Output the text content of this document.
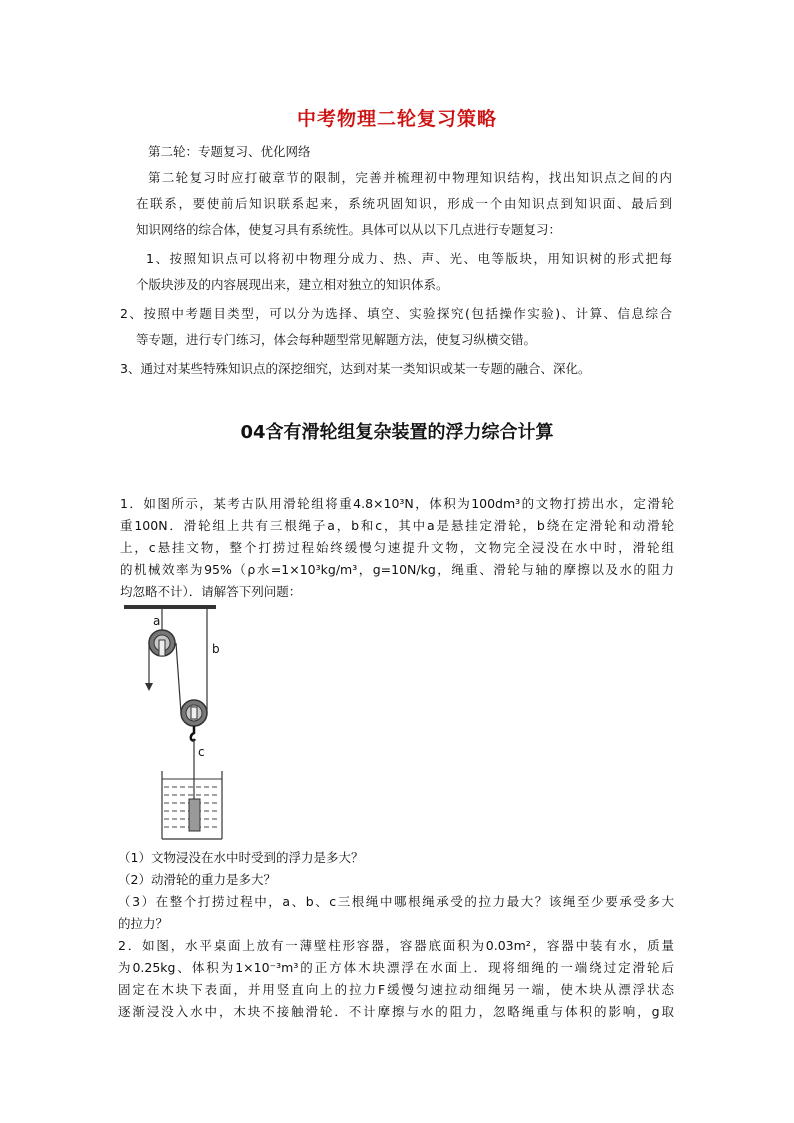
中考物理二轮复习策略
第二轮：专题复习、优化网络
第二轮复习时应打破章节的限制，完善并梳理初中物理知识结构，找出知识点之间的内
在联系，要使前后知识联系起来，系统巩固知识，形成一个由知识点到知识面、最后到
知识网络的综合体，使复习具有系统性。具体可以从以下几点进行专题复习：
1、按照知识点可以将初中物理分成力、热、声、光、电等版块，用知识树的形式把每
个版块涉及的内容展现出来，建立相对独立的知识体系。
2、按照中考题目类型，可以分为选择、填空、实验探究(包括操作实验)、计算、信息综合
等专题，进行专门练习，体会每种题型常见解题方法，使复习纵横交错。
3、通过对某些特殊知识点的深挖细究，达到对某一类知识或某一专题的融合、深化。
04含有滑轮组复杂装置的浮力综合计算
1．如图所示，某考古队用滑轮组将重4.8×10³N，体积为100dm³的文物打捞出水，定滑轮
重100N．滑轮组上共有三根绳子a，b和c，其中a是悬挂定滑轮，b绕在定滑轮和动滑轮
上，c悬挂文物，整个打捞过程始终缓慢匀速提升文物，文物完全浸没在水中时，滑轮组
的机械效率为95%（ρ水=1×10³kg/m³，g=10N/kg，绳重、滑轮与轴的摩擦以及水的阻力
均忽略不计）．请解答下列问题：
a
b
c
（1）文物浸没在水中时受到的浮力是多大？
（2）动滑轮的重力是多大？
（3）在整个打捞过程中，a、b、c三根绳中哪根绳承受的拉力最大？该绳至少要承受多大
的拉力？
2．如图，水平桌面上放有一薄壁柱形容器，容器底面积为0.03m²，容器中装有水，质量
为0.25kg、体积为1×10⁻³m³的正方体木块漂浮在水面上．现将细绳的一端绕过定滑轮后
固定在木块下表面，并用竖直向上的拉力F缓慢匀速拉动细绳另一端，使木块从漂浮状态
逐渐浸没入水中，木块不接触滑轮．不计摩擦与水的阻力，忽略绳重与体积的影响，g取
